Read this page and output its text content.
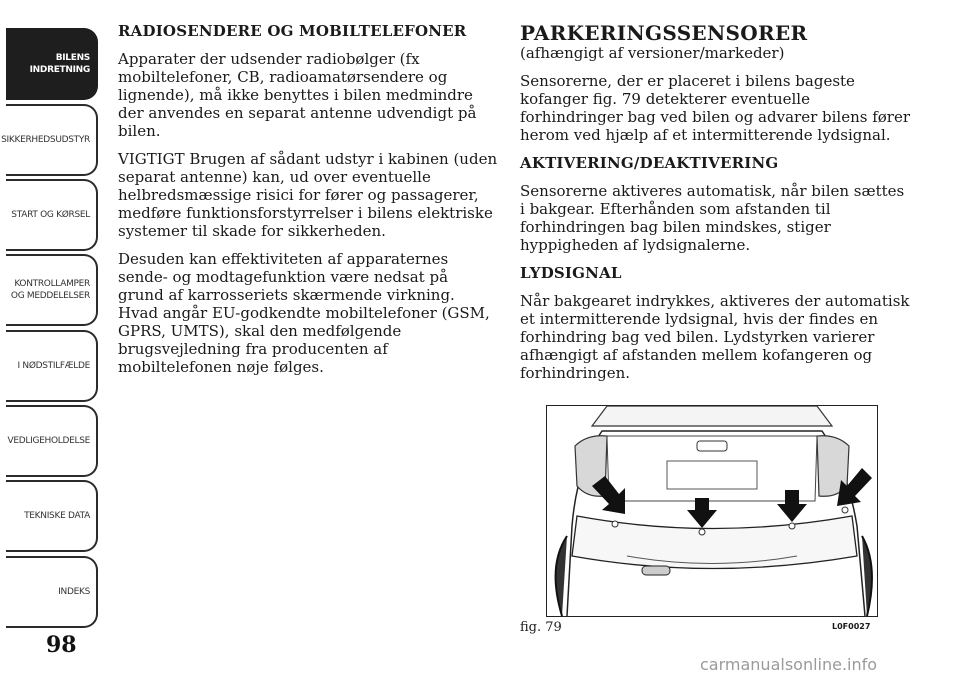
BILENS
INDRETNING
SIKKERHEDSUDSTYR
START OG KØRSEL
KONTROLLAMPER
OG MEDDELELSER
I NØDSTILFÆLDE
VEDLIGEHOLDELSE
TEKNISKE DATA
INDEKS
98
RADIOSENDERE OG MOBILTELEFONER

Apparater der udsender radiobølger (fx mobiltelefoner, CB, radioamatørsendere og lignende), må ikke benyttes i bilen medmindre der anvendes en separat antenne udvendigt på bilen.

VIGTIGT Brugen af sådant udstyr i kabinen (uden separat antenne) kan, ud over eventuelle helbredsmæssige risici for fører og passagerer, medføre funktionsforstyrrelser i bilens elektriske systemer til skade for sikkerheden.

Desuden kan effektiviteten af apparaternes sende- og modtagefunktion være nedsat på grund af karrosseriets skærmende virkning. Hvad angår EU-godkendte mobiltelefoner (GSM, GPRS, UMTS), skal den medfølgende brugsvejledning fra producenten af mobiltelefonen nøje følges.

PARKERINGSSENSORER

(afhængigt af versioner/markeder)

Sensorerne, der er placeret i bilens bageste kofanger fig. 79 detekterer eventuelle forhindringer bag ved bilen og advarer bilens fører herom ved hjælp af et intermitterende lydsignal.

AKTIVERING/DEAKTIVERING

Sensorerne aktiveres automatisk, når bilen sættes i bakgear. Efterhånden som afstanden til forhindringen bag bilen mindskes, stiger hyppigheden af lydsignalerne.

LYDSIGNAL

Når bakgearet indrykkes, aktiveres der automatisk et intermitterende lydsignal, hvis der findes en forhindring bag ved bilen. Lydstyrken varierer afhængigt af afstanden mellem kofangeren og forhindringen.

fig. 79	L0F0027
carmanualsonline.info
